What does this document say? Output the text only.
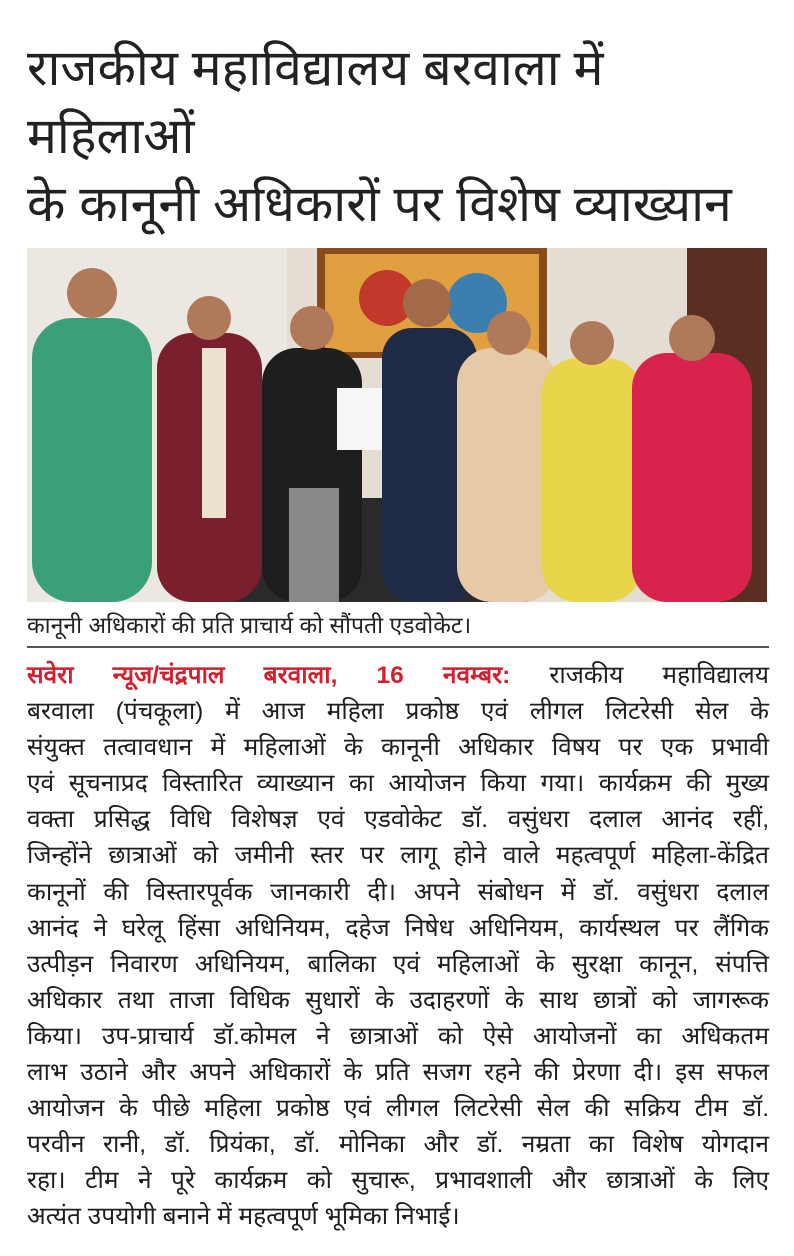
राजकीय महाविद्यालय बरवाला में महिलाओं
के कानूनी अधिकारों पर विशेष व्याख्यान
कानूनी अधिकारों की प्रति प्राचार्य को सौंपती एडवोकेट।
सवेरा न्यूज/चंद्रपाल बरवाला, 16 नवम्बर: राजकीय महाविद्यालय
बरवाला (पंचकूला) में आज महिला प्रकोष्ठ एवं लीगल लिटरेसी सेल के
संयुक्त तत्वावधान में महिलाओं के कानूनी अधिकार विषय पर एक प्रभावी
एवं सूचनाप्रद विस्तारित व्याख्यान का आयोजन किया गया। कार्यक्रम की मुख्य
वक्ता प्रसिद्ध विधि विशेषज्ञ एवं एडवोकेट डॉ. वसुंधरा दलाल आनंद रहीं,
जिन्होंने छात्राओं को जमीनी स्तर पर लागू होने वाले महत्वपूर्ण महिला-केंद्रित
कानूनों की विस्तारपूर्वक जानकारी दी। अपने संबोधन में डॉ. वसुंधरा दलाल
आनंद ने घरेलू हिंसा अधिनियम, दहेज निषेध अधिनियम, कार्यस्थल पर लैंगिक
उत्पीड़न निवारण अधिनियम, बालिका एवं महिलाओं के सुरक्षा कानून, संपत्ति
अधिकार तथा ताजा विधिक सुधारों के उदाहरणों के साथ छात्रों को जागरूक
किया। उप-प्राचार्य डॉ.कोमल ने छात्राओं को ऐसे आयोजनों का अधिकतम
लाभ उठाने और अपने अधिकारों के प्रति सजग रहने की प्रेरणा दी। इस सफल
आयोजन के पीछे महिला प्रकोष्ठ एवं लीगल लिटरेसी सेल की सक्रिय टीम डॉ.
परवीन रानी, डॉ. प्रियंका, डॉ. मोनिका और डॉ. नम्रता का विशेष योगदान
रहा। टीम ने पूरे कार्यक्रम को सुचारू, प्रभावशाली और छात्राओं के लिए
अत्यंत उपयोगी बनाने में महत्वपूर्ण भूमिका निभाई।
